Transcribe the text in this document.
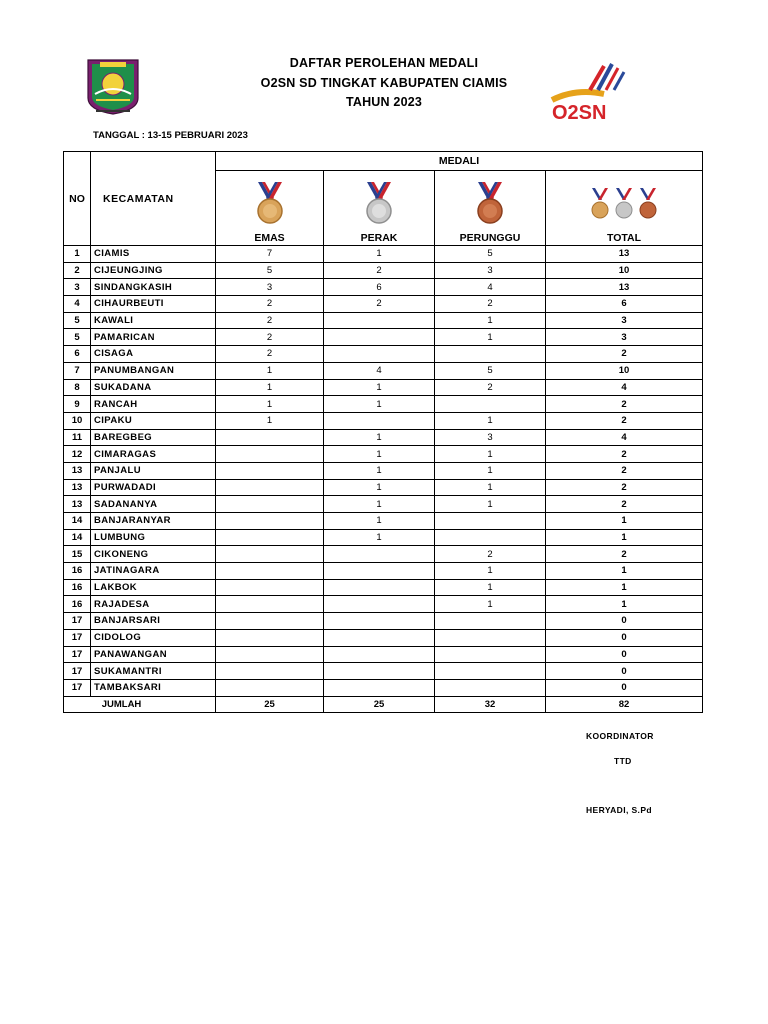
O2SN
DAFTAR PEROLEHAN MEDALI
O2SN SD TINGKAT KABUPATEN CIAMIS
TAHUN 2023
TANGGAL : 13-15 PEBRUARI 2023
NO	KECAMATAN	MEDALI			

		EMAS	PERAK	PERUNGGU	TOTAL

1	CIAMIS	7	1	5	13
2	CIJEUNGJING	5	2	3	10
3	SINDANGKASIH	3	6	4	13
4	CIHAURBEUTI	2	2	2	6
5	KAWALI	2		1	3
5	PAMARICAN	2		1	3
6	CISAGA	2			2
7	PANUMBANGAN	1	4	5	10
8	SUKADANA	1	1	2	4
9	RANCAH	1	1		2
10	CIPAKU	1		1	2
11	BAREGBEG		1	3	4
12	CIMARAGAS		1	1	2
13	PANJALU		1	1	2
13	PURWADADI		1	1	2
13	SADANANYA		1	1	2
14	BANJARANYAR		1		1
14	LUMBUNG		1		1
15	CIKONENG			2	2
16	JATINAGARA			1	1
16	LAKBOK			1	1
16	RAJADESA			1	1
17	BANJARSARI				0
17	CIDOLOG				0
17	PANAWANGAN				0
17	SUKAMANTRI				0
17	TAMBAKSARI				0
JUMLAH		25	25	32	82
KOORDINATOR
TTD
HERYADI, S.Pd
